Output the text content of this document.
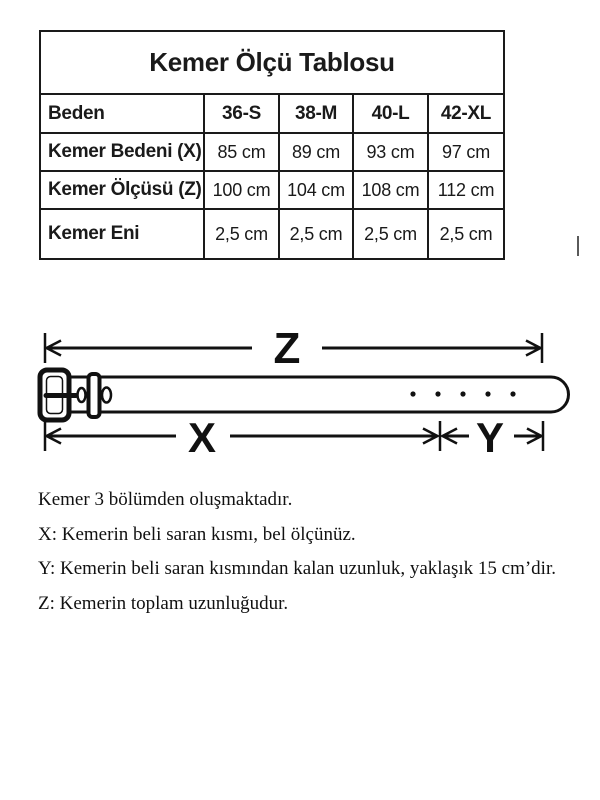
Kemer Ölçü Tablosu				
Beden	36-S	38-M	40-L	42-XL
Kemer Bedeni (X)	85 cm	89 cm	93 cm	97 cm
Kemer Ölçüsü (Z)	100 cm	104 cm	108 cm	112 cm
Kemer Eni	2,5 cm	2,5 cm	2,5 cm	2,5 cm
Z
X	Y
Kemer 3 bölümden oluşmaktadır.
X: Kemerin beli saran kısmı, bel ölçünüz.
Y: Kemerin beli saran kısmından kalan uzunluk, yaklaşık 15 cm’dir.
Z: Kemerin toplam uzunluğudur.
